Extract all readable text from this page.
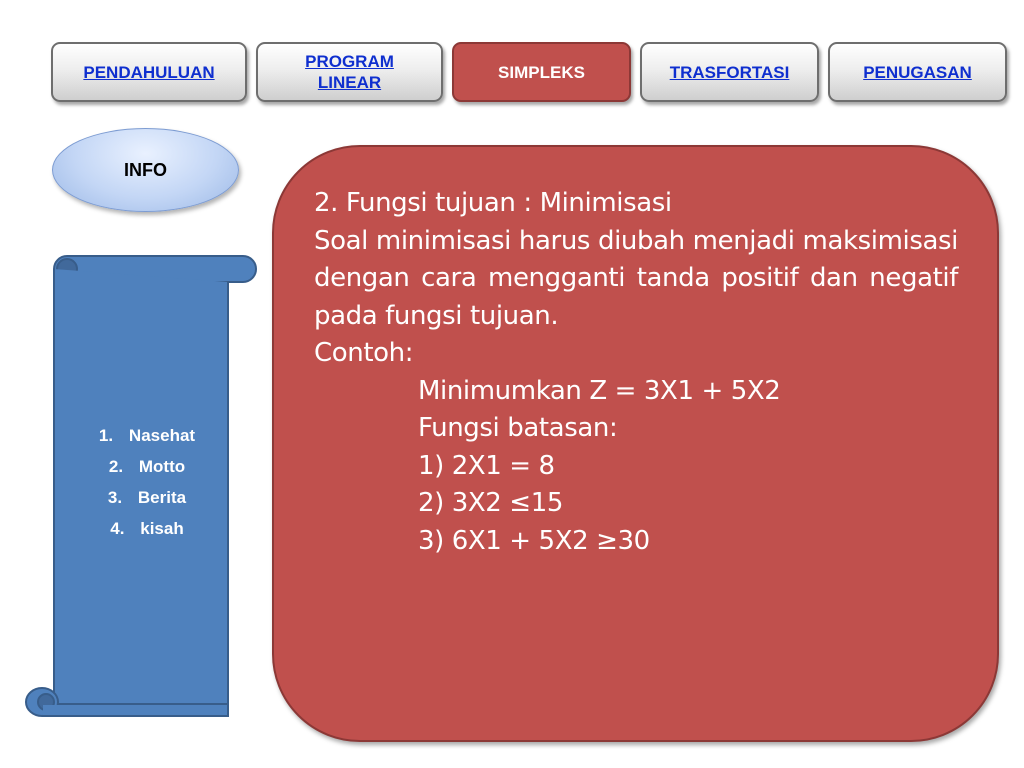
PENDAHULUAN
PROGRAM
LINEAR
SIMPLEKS	TRASFORTASI	PENUGASAN
INFO
1. Nasehat
2. Motto
3. Berita
4. kisah

2. Fungsi tujuan : Minimisasi

Soal minimisasi harus diubah menjadi maksimisasi dengan cara mengganti tanda positif dan negatif pada fungsi tujuan.

Contoh:

Minimumkan Z = 3X1 + 5X2

Fungsi batasan:

1) 2X1 = 8

2) 3X2 ≤15

3) 6X1 + 5X2 ≥30
